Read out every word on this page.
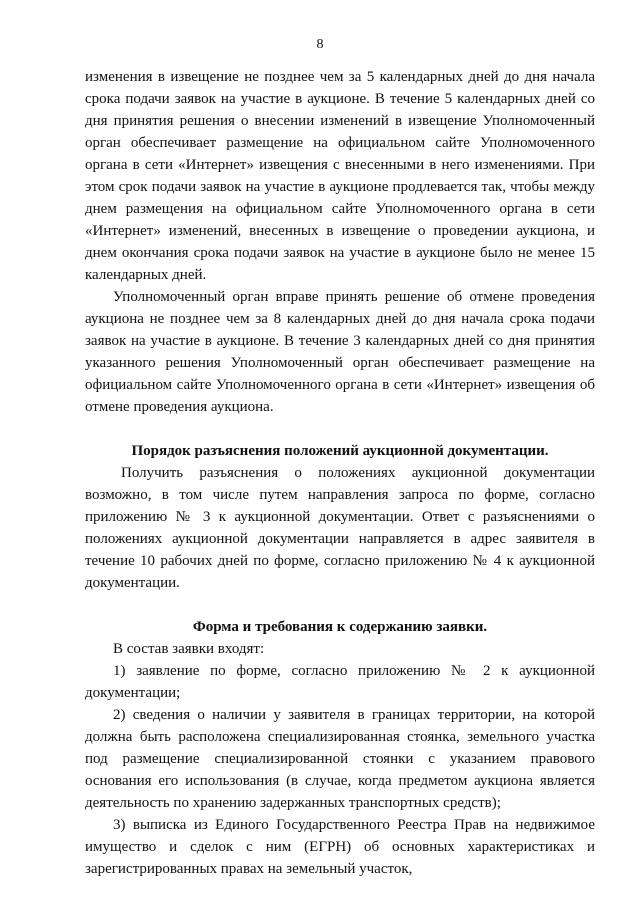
8

изменения в извещение не позднее чем за 5 календарных дней до дня начала срока подачи заявок на участие в аукционе. В течение 5 календарных дней со дня принятия решения о внесении изменений в извещение Уполномоченный орган обеспечивает размещение на официальном сайте Уполномоченного органа в сети «Интернет» извещения с внесенными в него изменениями. При этом срок подачи заявок на участие в аукционе продлевается так, чтобы между днем размещения на официальном сайте Уполномоченного органа в сети «Интернет» изменений, внесенных в извещение о проведении аукциона, и днем окончания срока подачи заявок на участие в аукционе было не менее 15 календарных дней.

Уполномоченный орган вправе принять решение об отмене проведения аукциона не позднее чем за 8 календарных дней до дня начала срока подачи заявок на участие в аукционе. В течение 3 календарных дней со дня принятия указанного решения Уполномоченный орган обеспечивает размещение на официальном сайте Уполномоченного органа в сети «Интернет» извещения об отмене проведения аукциона.

Порядок разъяснения положений аукционной документации.

Получить разъяснения о положениях аукционной документации возможно, в том числе путем направления запроса по форме, согласно приложению № 3 к аукционной документации. Ответ с разъяснениями о положениях аукционной документации направляется в адрес заявителя в течение 10 рабочих дней по форме, согласно приложению № 4 к аукционной документации.

Форма и требования к содержанию заявки.

В состав заявки входят:

1) заявление по форме, согласно приложению № 2 к аукционной документации;

2) сведения о наличии у заявителя в границах территории, на которой должна быть расположена специализированная стоянка, земельного участка под размещение специализированной стоянки с указанием правового основания его использования (в случае, когда предметом аукциона является деятельность по хранению задержанных транспортных средств);

3) выписка из Единого Государственного Реестра Прав на недвижимое имущество и сделок с ним (ЕГРН) об основных характеристиках и зарегистрированных правах на земельный участок,
